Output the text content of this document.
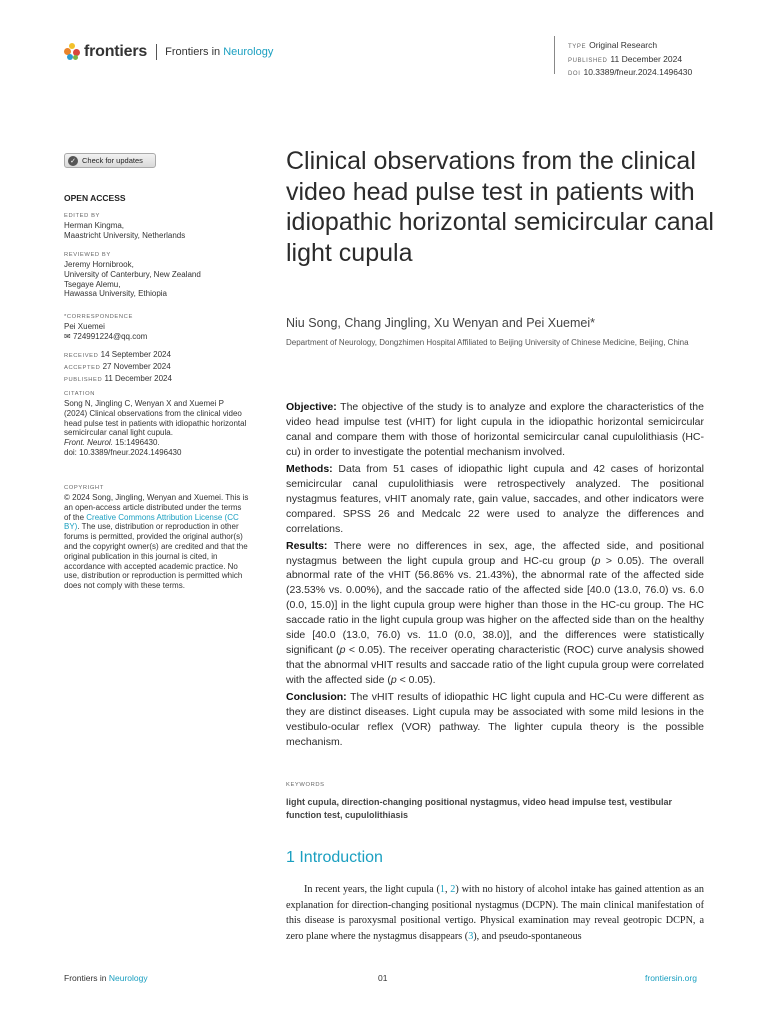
frontiers Frontiers in Neurology	TYPE Original Research
PUBLISHED 11 December 2024
DOI 10.3389/fneur.2024.1496430
✓ Check for updates
OPEN ACCESS
EDITED BY
Herman Kingma,
Maastricht University, Netherlands
REVIEWED BY
Jeremy Hornibrook,
University of Canterbury, New Zealand
Tsegaye Alemu,
Hawassa University, Ethiopia
*CORRESPONDENCE
Pei Xuemei
✉ 724991224@qq.com
RECEIVED 14 September 2024
ACCEPTED 27 November 2024
PUBLISHED 11 December 2024
CITATION
Song N, Jingling C, Wenyan X and Xuemei P (2024) Clinical observations from the clinical video head pulse test in patients with idiopathic horizontal semicircular canal light cupula.
Front. Neurol. 15:1496430.
doi: 10.3389/fneur.2024.1496430
COPYRIGHT
© 2024 Song, Jingling, Wenyan and Xuemei. This is an open-access article distributed under the terms of the Creative Commons Attribution License (CC BY). The use, distribution or reproduction in other forums is permitted, provided the original author(s) and the copyright owner(s) are credited and that the original publication in this journal is cited, in accordance with accepted academic practice. No use, distribution or reproduction is permitted which does not comply with these terms.
Clinical observations from the clinical video head pulse test in patients with idiopathic horizontal semicircular canal light cupula
Niu Song, Chang Jingling, Xu Wenyan and Pei Xuemei*
Department of Neurology, Dongzhimen Hospital Affiliated to Beijing University of Chinese Medicine, Beijing, China

Objective: The objective of the study is to analyze and explore the characteristics of the video head impulse test (vHIT) for light cupula in the idiopathic horizontal semicircular canal and compare them with those of horizontal semicircular canal cupulolithiasis (HC-cu) in order to investigate the potential mechanism involved.

Methods: Data from 51 cases of idiopathic light cupula and 42 cases of horizontal semicircular canal cupulolithiasis were retrospectively analyzed. The positional nystagmus features, vHIT anomaly rate, gain value, saccades, and other indicators were compared. SPSS 26 and Medcalc 22 were used to analyze the differences and correlations.

Results: There were no differences in sex, age, the affected side, and positional nystagmus between the light cupula group and HC-cu group (p > 0.05). The overall abnormal rate of the vHIT (56.86% vs. 21.43%), the abnormal rate of the affected side (23.53% vs. 0.00%), and the saccade ratio of the affected side [40.0 (13.0, 76.0) vs. 6.0 (0.0, 15.0)] in the light cupula group were higher than those in the HC-cu group. The HC saccade ratio in the light cupula group was higher on the affected side than on the healthy side [40.0 (13.0, 76.0) vs. 11.0 (0.0, 38.0)], and the differences were statistically significant (p < 0.05). The receiver operating characteristic (ROC) curve analysis showed that the abnormal vHIT results and saccade ratio of the light cupula group were correlated with the affected side (p < 0.05).

Conclusion: The vHIT results of idiopathic HC light cupula and HC-Cu were different as they are distinct diseases. Light cupula may be associated with some mild lesions in the vestibulo-ocular reflex (VOR) pathway. The lighter cupula theory is the possible mechanism.

KEYWORDS
light cupula, direction-changing positional nystagmus, video head impulse test, vestibular function test, cupulolithiasis
1 Introduction
In recent years, the light cupula (1, 2) with no history of alcohol intake has gained attention as an explanation for direction-changing positional nystagmus (DCPN). The main clinical manifestation of this disease is paroxysmal positional vertigo. Physical examination may reveal geotropic DCPN, a zero plane where the nystagmus disappears (3), and pseudo-spontaneous
Frontiers in Neurology	01	frontiersin.org
